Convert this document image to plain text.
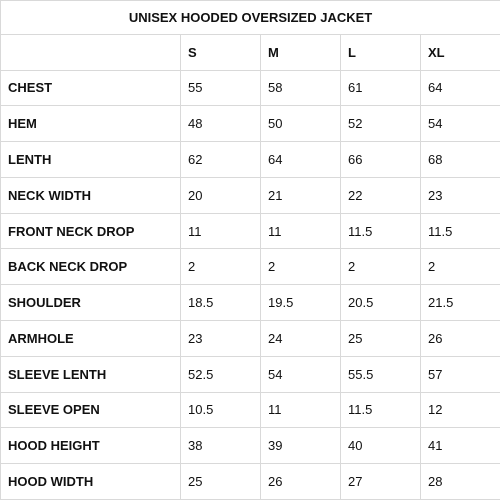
UNISEX HOODED OVERSIZED JACKET				
	S	M	L	XL
CHEST	55	58	61	64
HEM	48	50	52	54
LENTH	62	64	66	68
NECK WIDTH	20	21	22	23
FRONT NECK DROP	11	11	11.5	11.5
BACK NECK DROP	2	2	2	2
SHOULDER	18.5	19.5	20.5	21.5
ARMHOLE	23	24	25	26
SLEEVE LENTH	52.5	54	55.5	57
SLEEVE OPEN	10.5	11	11.5	12
HOOD HEIGHT	38	39	40	41
HOOD WIDTH	25	26	27	28
